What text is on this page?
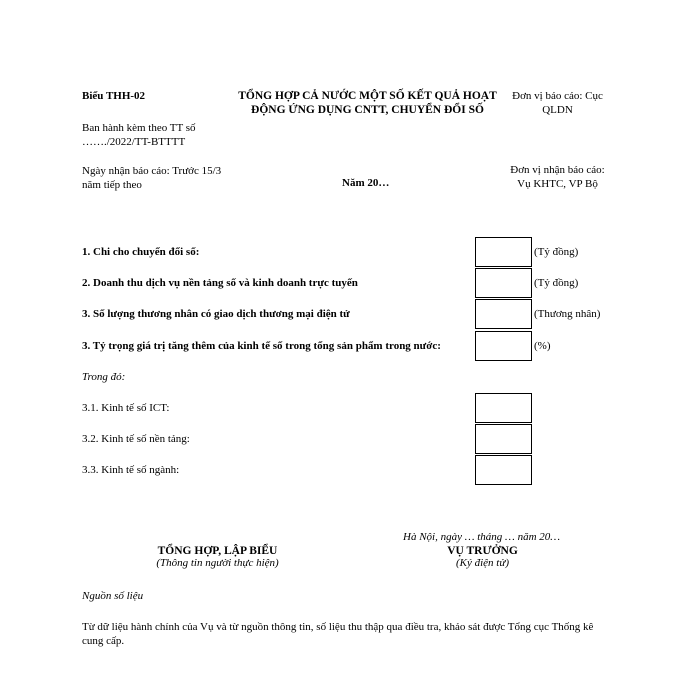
Biểu THH-02
Ban hành kèm theo TT số
……./2022/TT-BTTTT
TỔNG HỢP CẢ NƯỚC MỘT SỐ KẾT QUẢ HOẠT
ĐỘNG ỨNG DỤNG CNTT, CHUYỂN ĐỔI SỐ
Đơn vị báo cáo: Cục
QLDN
Ngày nhận báo cáo: Trước 15/3
năm tiếp theo	Năm 20…
Đơn vị nhận báo cáo:
Vụ KHTC, VP Bộ
1. Chi cho chuyển đổi số:	(Tỷ đồng)
2. Doanh thu dịch vụ nền tảng số và kinh doanh trực tuyến	(Tỷ đồng)
3. Số lượng thương nhân có giao dịch thương mại điện tử	(Thương nhân)
3. Tỷ trọng giá trị tăng thêm của kinh tế số trong tổng sản phẩm trong nước:	(%)
Trong đó:
3.1. Kinh tế số ICT:
3.2. Kinh tế số nền tảng:
3.3. Kinh tế số ngành:
Hà Nội, ngày … tháng … năm 20…
TỔNG HỢP, LẬP BIỂU
(Thông tin người thực hiện)
VỤ TRƯỞNG
(Ký điện tử)
Nguồn số liệu
Từ dữ liệu hành chính của Vụ và từ nguồn thông tin, số liệu thu thập qua điều tra, khảo sát được Tổng cục Thống kê
cung cấp.
